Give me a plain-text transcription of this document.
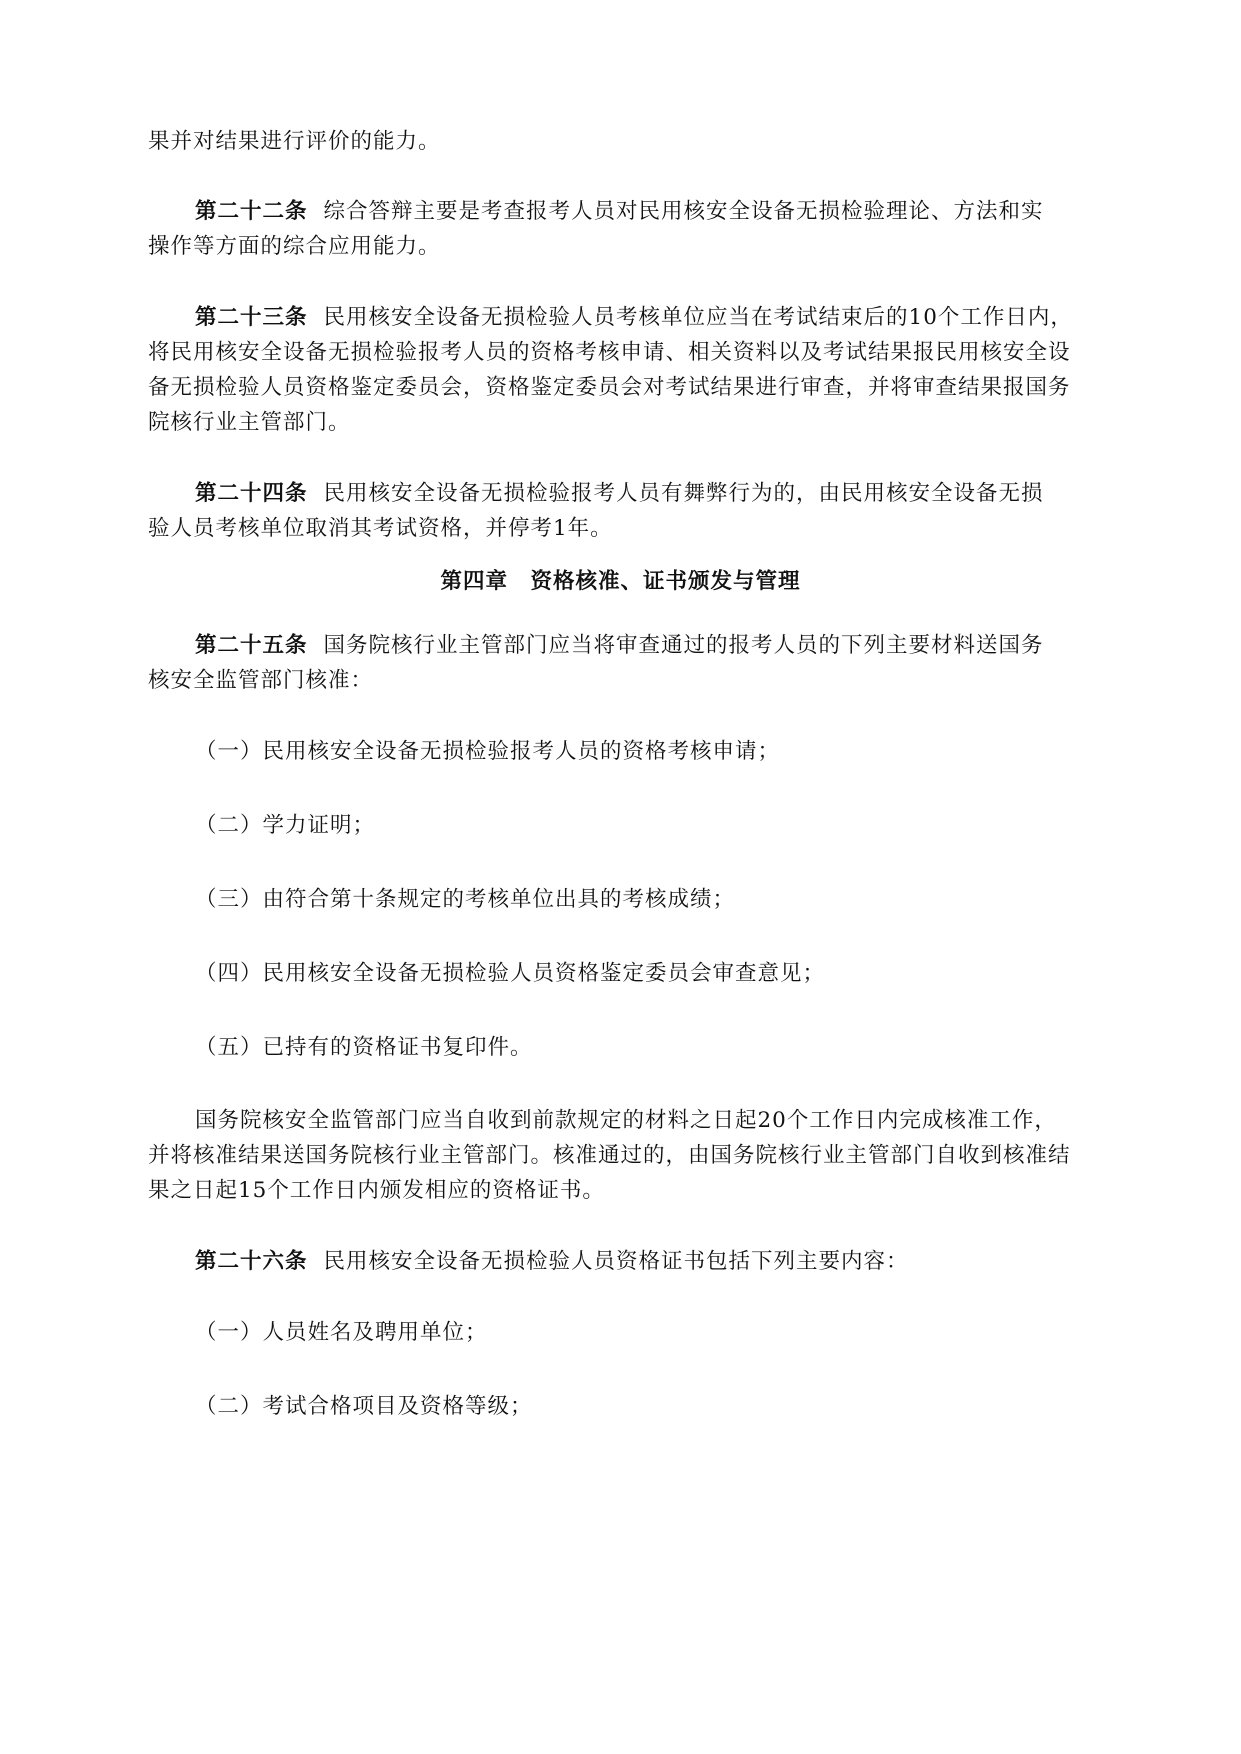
果并对结果进行评价的能力。
第二十二条 综合答辩主要是考查报考人员对民用核安全设备无损检验理论、方法和实
操作等方面的综合应用能力。
第二十三条 民用核安全设备无损检验人员考核单位应当在考试结束后的10个工作日内，
将民用核安全设备无损检验报考人员的资格考核申请、相关资料以及考试结果报民用核安全设
备无损检验人员资格鉴定委员会，资格鉴定委员会对考试结果进行审查，并将审查结果报国务
院核行业主管部门。
第二十四条 民用核安全设备无损检验报考人员有舞弊行为的，由民用核安全设备无损
验人员考核单位取消其考试资格，并停考1年。
第四章　资格核准、证书颁发与管理
第二十五条 国务院核行业主管部门应当将审查通过的报考人员的下列主要材料送国务
核安全监管部门核准：
（一）民用核安全设备无损检验报考人员的资格考核申请；
（二）学力证明；
（三）由符合第十条规定的考核单位出具的考核成绩；
（四）民用核安全设备无损检验人员资格鉴定委员会审查意见；
（五）已持有的资格证书复印件。
国务院核安全监管部门应当自收到前款规定的材料之日起20个工作日内完成核准工作，
并将核准结果送国务院核行业主管部门。核准通过的，由国务院核行业主管部门自收到核准结
果之日起15个工作日内颁发相应的资格证书。
第二十六条 民用核安全设备无损检验人员资格证书包括下列主要内容：
（一）人员姓名及聘用单位；
（二）考试合格项目及资格等级；
